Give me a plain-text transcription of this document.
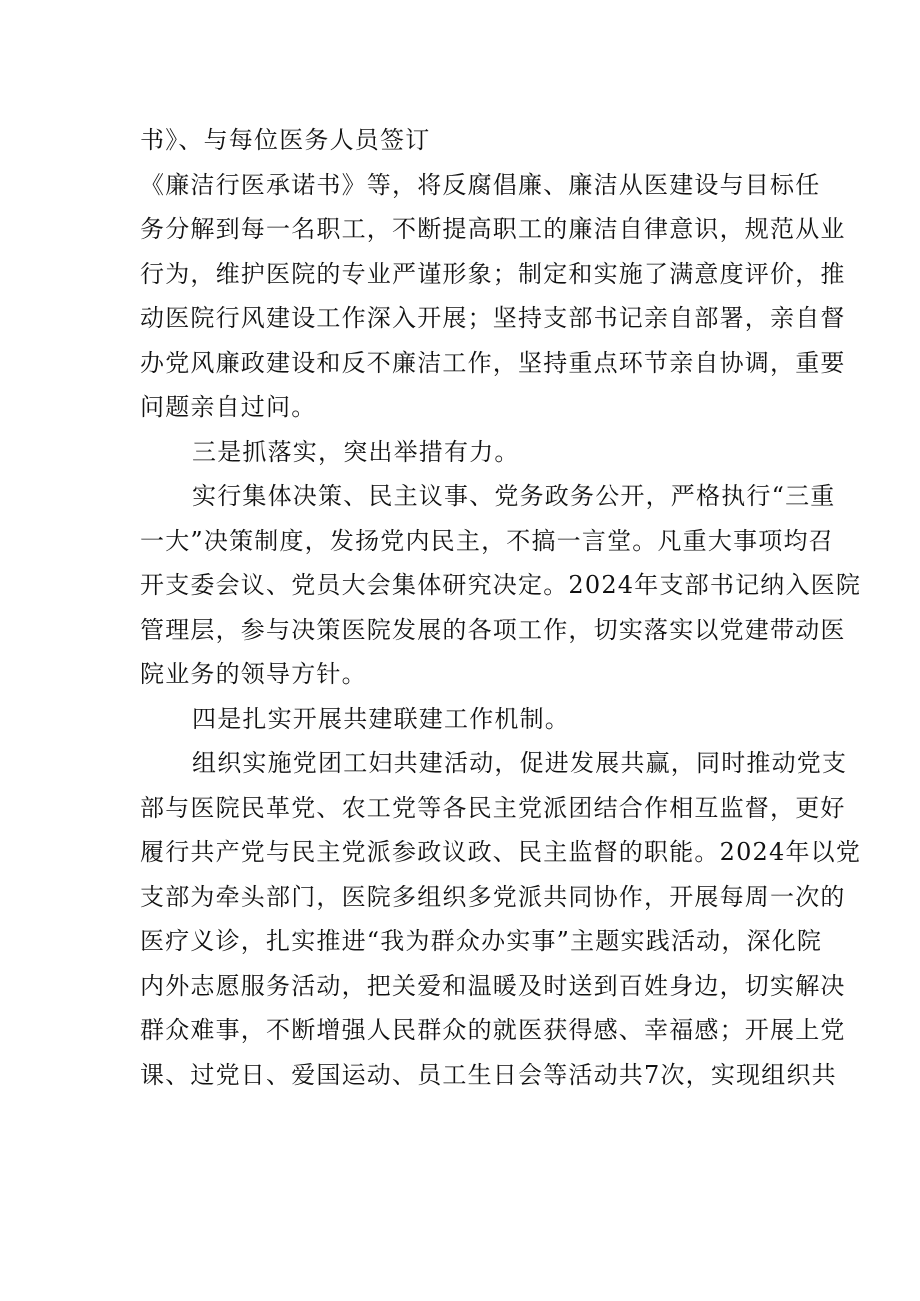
书》、与每位医务人员签订
《廉洁行医承诺书》等，将反腐倡廉、廉洁从医建设与目标任
务分解到每一名职工，不断提高职工的廉洁自律意识，规范从业
行为，维护医院的专业严谨形象；制定和实施了满意度评价，推
动医院行风建设工作深入开展；坚持支部书记亲自部署，亲自督
办党风廉政建设和反不廉洁工作，坚持重点环节亲自协调，重要
问题亲自过问。
三是抓落实，突出举措有力。
实行集体决策、民主议事、党务政务公开，严格执行“三重
一大”决策制度，发扬党内民主，不搞一言堂。凡重大事项均召
开支委会议、党员大会集体研究决定。2024年支部书记纳入医院
管理层，参与决策医院发展的各项工作，切实落实以党建带动医
院业务的领导方针。
四是扎实开展共建联建工作机制。
组织实施党团工妇共建活动，促进发展共赢，同时推动党支
部与医院民革党、农工党等各民主党派团结合作相互监督，更好
履行共产党与民主党派参政议政、民主监督的职能。2024年以党
支部为牵头部门，医院多组织多党派共同协作，开展每周一次的
医疗义诊，扎实推进“我为群众办实事”主题实践活动，深化院
内外志愿服务活动，把关爱和温暖及时送到百姓身边，切实解决
群众难事，不断增强人民群众的就医获得感、幸福感；开展上党
课、过党日、爱国运动、员工生日会等活动共7次，实现组织共
